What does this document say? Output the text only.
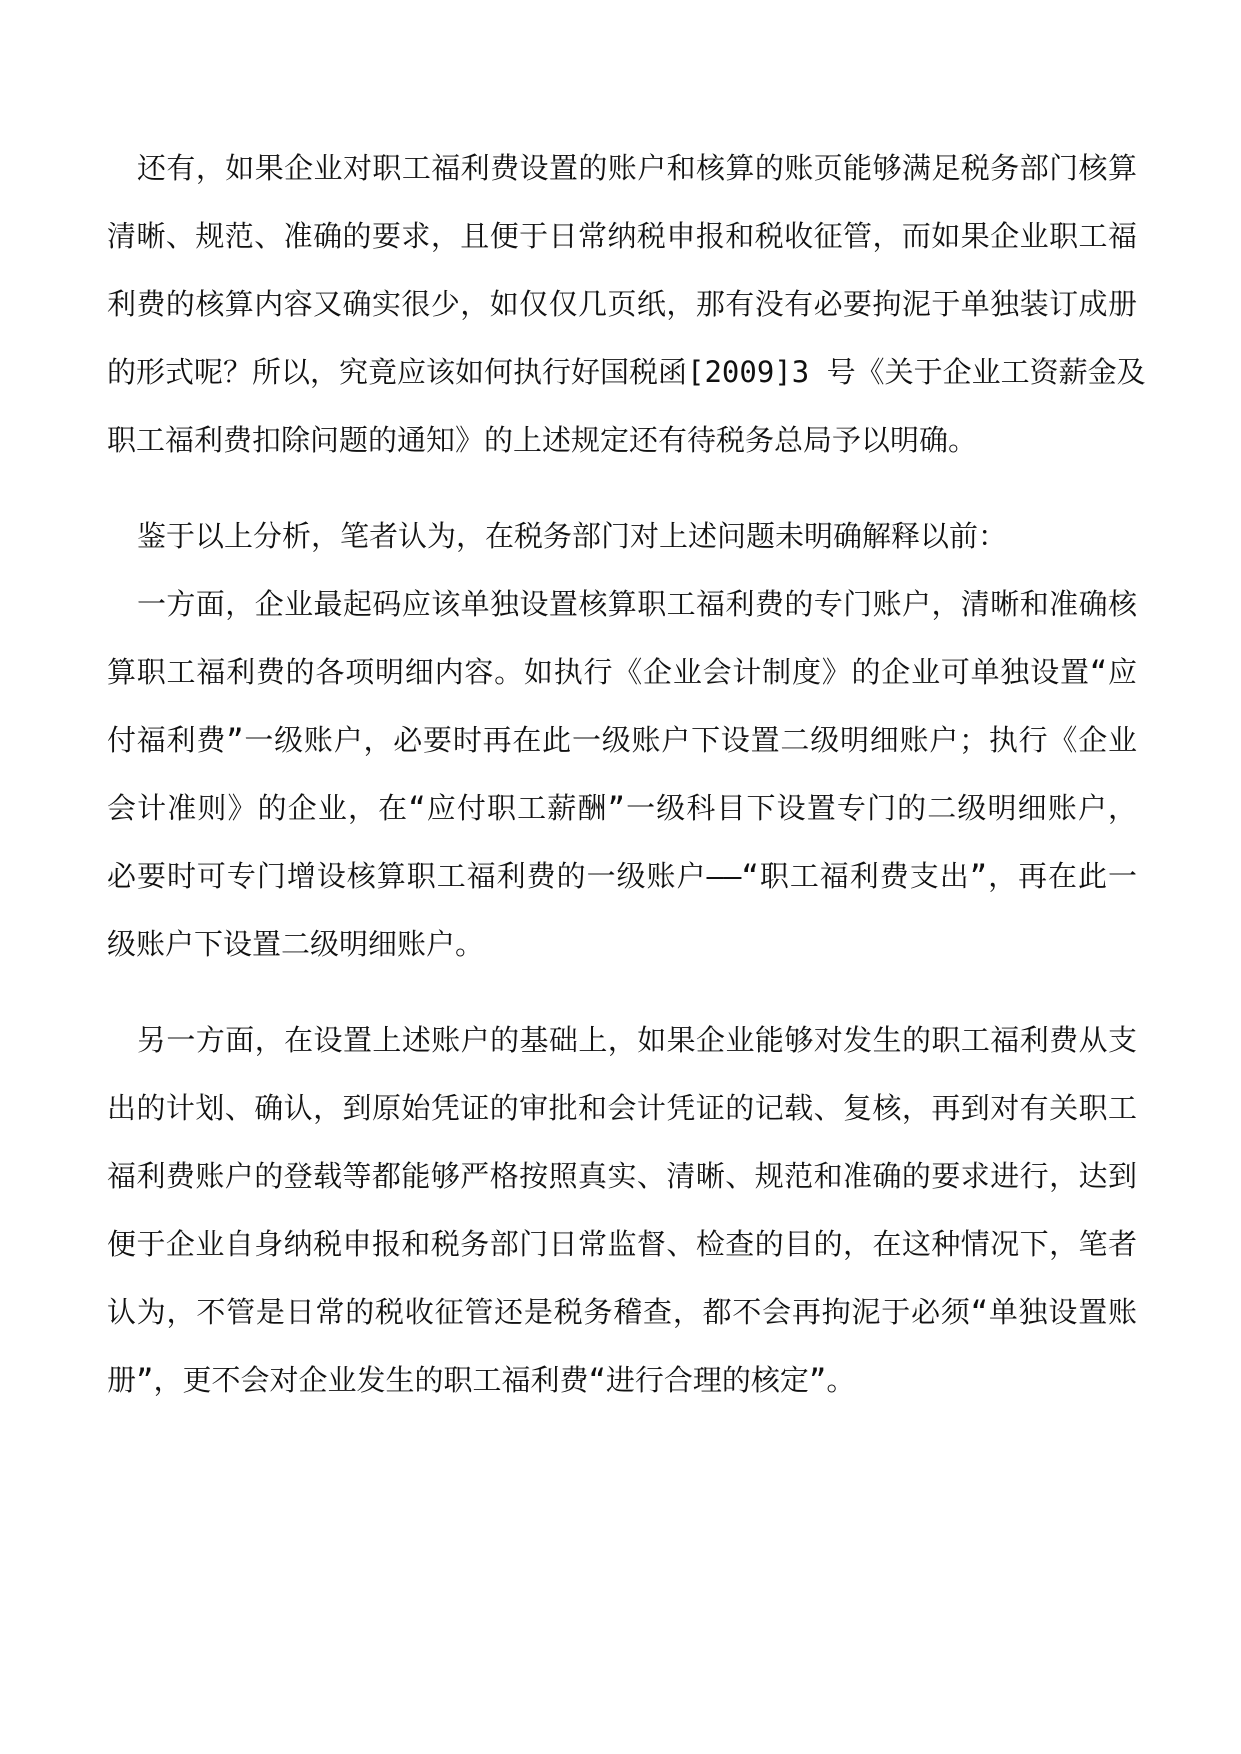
还有，如果企业对职工福利费设置的账户和核算的账页能够满足税务部门核算
清晰、规范、准确的要求，且便于日常纳税申报和税收征管，而如果企业职工福
利费的核算内容又确实很少，如仅仅几页纸，那有没有必要拘泥于单独装订成册
的形式呢？所以，究竟应该如何执行好国税函[2009]3 号《关于企业工资薪金及
职工福利费扣除问题的通知》的上述规定还有待税务总局予以明确。
鉴于以上分析，笔者认为，在税务部门对上述问题未明确解释以前：
一方面，企业最起码应该单独设置核算职工福利费的专门账户，清晰和准确核
算职工福利费的各项明细内容。如执行《企业会计制度》的企业可单独设置“应
付福利费”一级账户，必要时再在此一级账户下设置二级明细账户；执行《企业
会计准则》的企业，在“应付职工薪酬”一级科目下设置专门的二级明细账户，
必要时可专门增设核算职工福利费的一级账户——“职工福利费支出”，再在此一
级账户下设置二级明细账户。
另一方面，在设置上述账户的基础上，如果企业能够对发生的职工福利费从支
出的计划、确认，到原始凭证的审批和会计凭证的记载、复核，再到对有关职工
福利费账户的登载等都能够严格按照真实、清晰、规范和准确的要求进行，达到
便于企业自身纳税申报和税务部门日常监督、检查的目的，在这种情况下，笔者
认为，不管是日常的税收征管还是税务稽查，都不会再拘泥于必须“单独设置账
册”，更不会对企业发生的职工福利费“进行合理的核定”。
